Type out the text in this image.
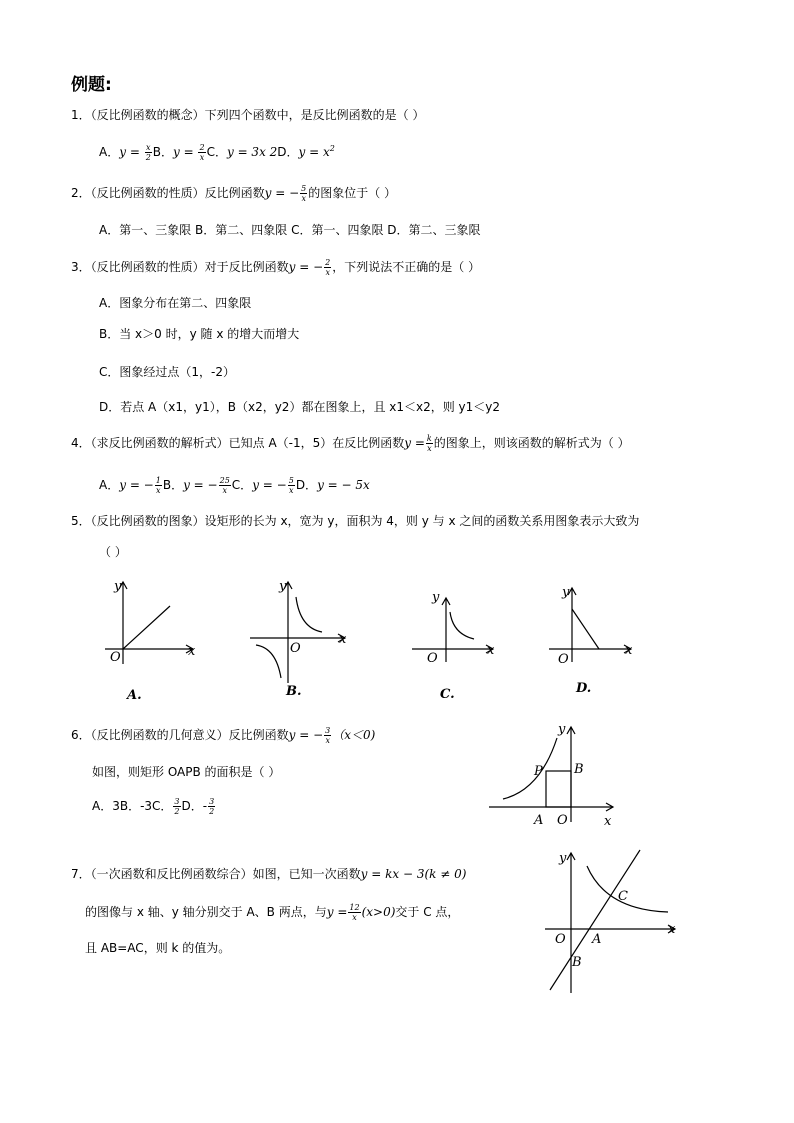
例题:
1．（反比例函数的概念）下列四个函数中，是反比例函数的是（ ）
A．$y = \frac{x}{2}$ B．$y = \frac{2}{x}$ C．y = 3x 2D．$y = x^2$
2．（反比例函数的性质）反比例函数y = − $\frac{5}{x}$ 的图象位于（ ）
A．第一、三象限 B．第二、四象限 C．第一、四象限 D．第二、三象限
3．（反比例函数的性质）对于反比例函数y = − $\frac{2}{x}$ ，下列说法不正确的是（ ）
A．图象分布在第二、四象限
B．当 x＞0 时，y 随 x 的增大而增大
C．图象经过点（1，-2）
D．若点 A（x1，y1），B（x2，y2）都在图象上，且 x1＜x2，则 y1＜y2
4．（求反比例函数的解析式）已知点 A（-1，5）在反比例函数$y = \frac{k}{x}$ 的图象上，则该函数的解析式为（ ）
A．y = − $\frac{1}{x}$ B．y = − $\frac{25}{x}$ C．y = − $\frac{5}{x}$ D．y = − 5x
5．（反比例函数的图象）设矩形的长为 x，宽为 y，面积为 4，则 y 与 x 之间的函数关系用图象表示大致为
（ ）
x
y
O
A.
x
y
O
B.
x
y
O
C.
x
y
O
D.
6．（反比例函数的几何意义）反比例函数y = − $\frac{3}{x} (x<0)$
如图，则矩形 OAPB 的面积是（ ）
A．3B．-3C． $\frac{3}{2}$ D．- $\frac{3}{2}$
x
y
P B
A O
7．（一次函数和反比例函数综合）如图，已知一次函数y = kx − 3(k ≠ 0)
的图像与 x 轴、y 轴分别交于 A、B 两点，与$y = \frac{12}{x} (x>0)$交于 C 点，
且 AB=AC，则 k 的值为。
x
y
C
O A
B
